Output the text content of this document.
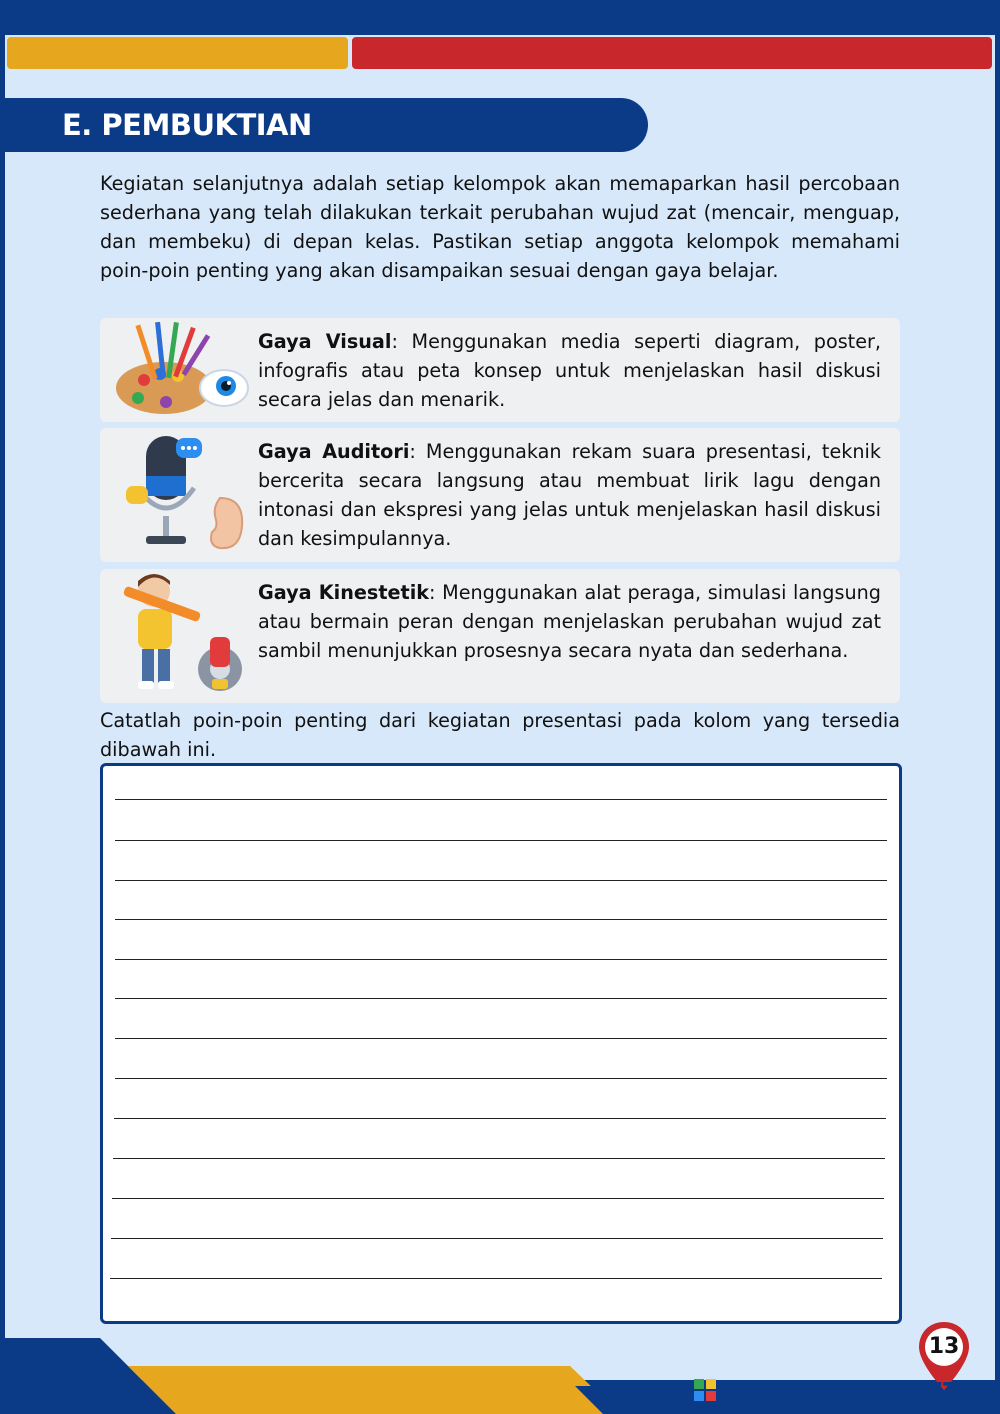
E. PEMBUKTIAN
Kegiatan selanjutnya adalah setiap kelompok akan memaparkan hasil percobaan sederhana yang telah dilakukan terkait perubahan wujud zat (mencair, menguap, dan membeku) di depan kelas. Pastikan setiap anggota kelompok memahami poin-poin penting yang akan disampaikan sesuai dengan gaya belajar.
Gaya Visual: Menggunakan media seperti diagram, poster, infografis atau peta konsep untuk menjelaskan hasil diskusi secara jelas dan menarik.
Gaya Auditori: Menggunakan rekam suara presentasi, teknik bercerita secara langsung atau membuat lirik lagu dengan intonasi dan ekspresi yang jelas untuk menjelaskan hasil diskusi dan kesimpulannya.
Gaya Kinestetik: Menggunakan alat peraga, simulasi langsung atau bermain peran dengan menjelaskan perubahan wujud zat sambil menunjukkan prosesnya secara nyata dan sederhana.
Catatlah poin-poin penting dari kegiatan presentasi pada kolom yang tersedia dibawah ini.
13
LIVEWORKSHEETS
